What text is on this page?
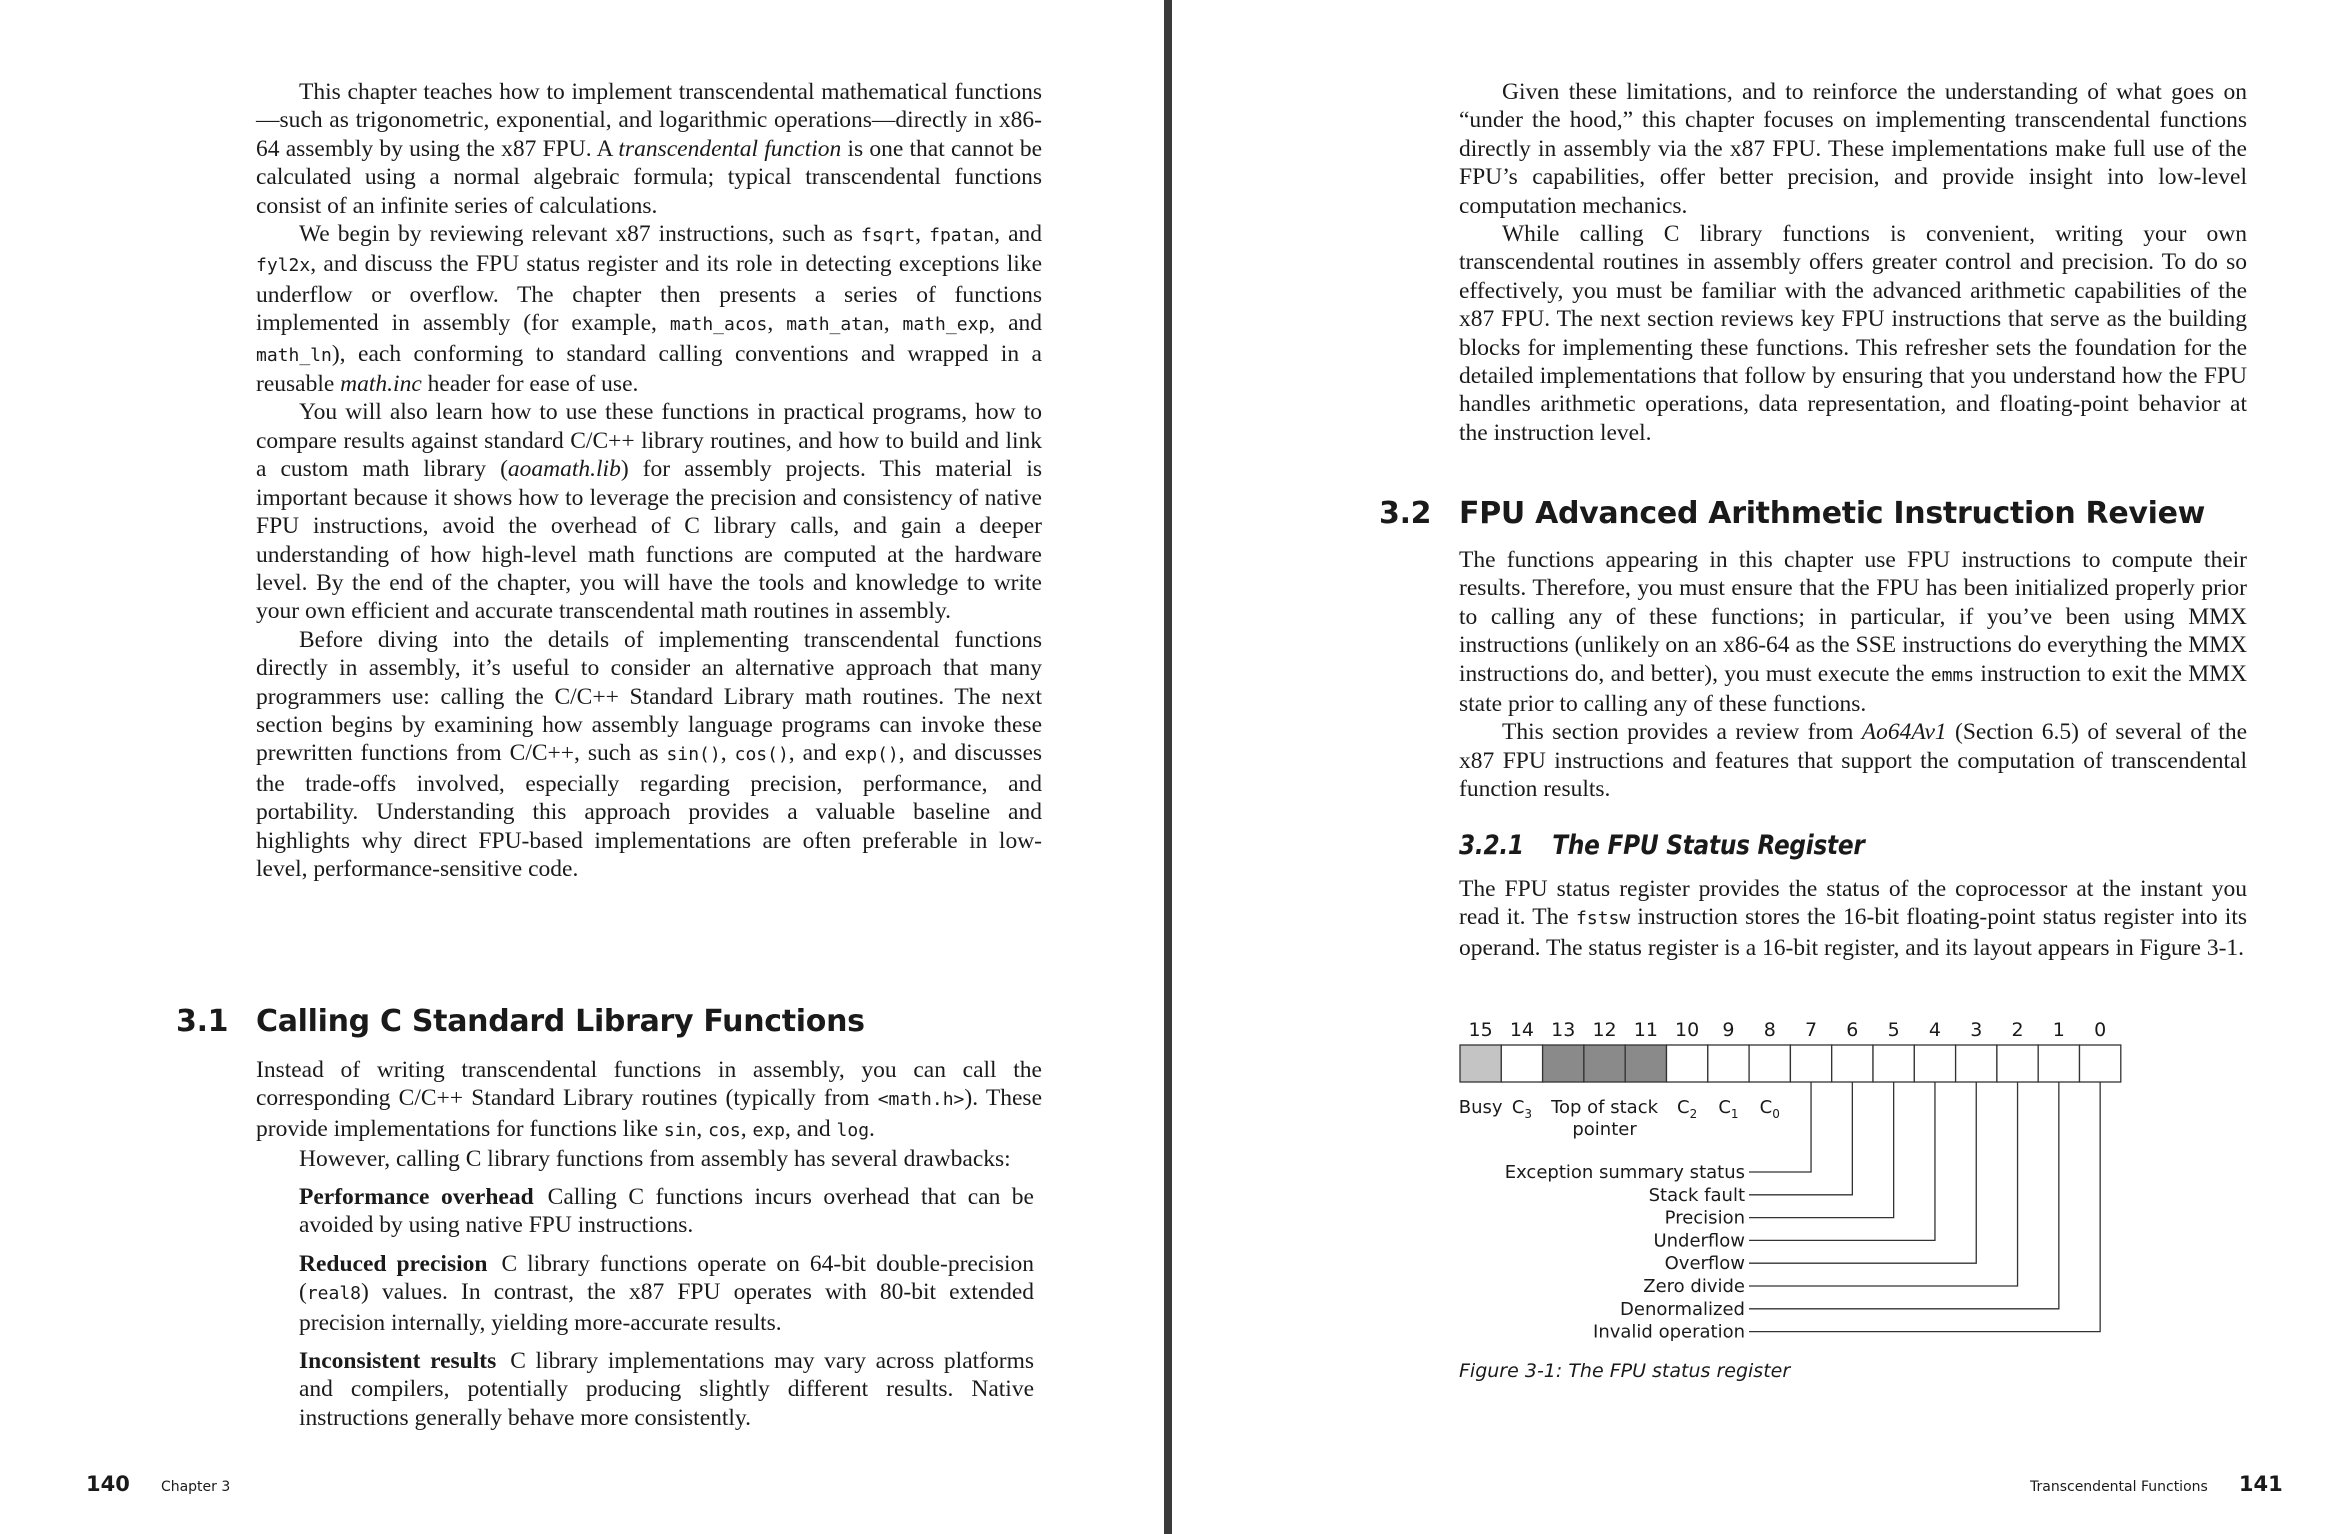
This chapter teaches how to implement transcendental mathematical functions—such as trigonometric, exponential, and logarithmic operations—directly in x86-64 assembly by using the x87 FPU. A transcendental function is one that cannot be calculated using a normal algebraic formula; typical transcendental functions consist of an infinite series of calculations.

We begin by reviewing relevant x87 instructions, such as fsqrt, fpatan, and fyl2x, and discuss the FPU status register and its role in detecting exceptions like underflow or overflow. The chapter then presents a series of functions implemented in assembly (for example, math_acos, math_atan, math_exp, and math_ln), each conforming to standard calling conventions and wrapped in a reusable math.inc header for ease of use.

You will also learn how to use these functions in practical programs, how to compare results against standard C/C++ library routines, and how to build and link a custom math library (aoamath.lib) for assembly projects. This material is important because it shows how to leverage the precision and consistency of native FPU instructions, avoid the overhead of C library calls, and gain a deeper understanding of how high-level math functions are computed at the hardware level. By the end of the chapter, you will have the tools and knowledge to write your own efficient and accurate transcendental math routines in assembly.

Before diving into the details of implementing transcendental functions directly in assembly, it’s useful to consider an alternative approach that many programmers use: calling the C/C++ Standard Library math routines. The next section begins by examining how assembly language programs can invoke these prewritten functions from C/C++, such as sin(), cos(), and exp(), and discusses the trade-offs involved, especially regarding precision, performance, and portability. Understanding this approach provides a valuable baseline and highlights why direct FPU-based implementations are often preferable in low-level, performance-sensitive code.

3.1 Calling C Standard Library Functions

Instead of writing transcendental functions in assembly, you can call the corresponding C/C++ Standard Library routines (typically from <math.h>). These provide implementations for functions like sin, cos, exp, and log.

However, calling C library functions from assembly has several drawbacks:

Performance overhead Calling C functions incurs overhead that can be avoided by using native FPU instructions.

Reduced precision C library functions operate on 64-bit double-precision (real8) values. In contrast, the x87 FPU operates with 80-bit extended precision internally, yielding more-accurate results.

Inconsistent results C library implementations may vary across platforms and compilers, potentially producing slightly different results. Native instructions generally behave more consistently.

140 Chapter 3

Given these limitations, and to reinforce the understanding of what goes on “under the hood,” this chapter focuses on implementing transcendental functions directly in assembly via the x87 FPU. These implementations make full use of the FPU’s capabilities, offer better precision, and provide insight into low-level computation mechanics.

While calling C library functions is convenient, writing your own transcendental routines in assembly offers greater control and precision. To do so effectively, you must be familiar with the advanced arithmetic capabilities of the x87 FPU. The next section reviews key FPU instructions that serve as the building blocks for implementing these functions. This refresher sets the foundation for the detailed implementations that follow by ensuring that you understand how the FPU handles arithmetic operations, data representation, and floating-point behavior at the instruction level.

3.2 FPU Advanced Arithmetic Instruction Review

The functions appearing in this chapter use FPU instructions to compute their results. Therefore, you must ensure that the FPU has been initialized properly prior to calling any of these functions; in particular, if you’ve been using MMX instructions (unlikely on an x86-64 as the SSE instructions do everything the MMX instructions do, and better), you must execute the emms instruction to exit the MMX state prior to calling any of these functions.

This section provides a review from Ao64Av1 (Section 6.5) of several of the x87 FPU instructions and features that support the computation of transcendental function results.

3.2.1 The FPU Status Register

The FPU status register provides the status of the coprocessor at the instant you read it. The fstsw instruction stores the 16-bit floating-point status register into its operand. The status register is a 16-bit register, and its layout appears in Figure 3-1.

15 14 13 12 11 10 9 8 7 6 5 4 3 2 1 0
Busy $C_3$ Top of stack
pointer
$C_2$ $C_1$ $C_0$
Exception summary status
Stack fault
Precision
Underflow
Overflow
Zero divide
Denormalized
Invalid operation
Figure 3-1: The FPU status register
Transcendental Functions 141
